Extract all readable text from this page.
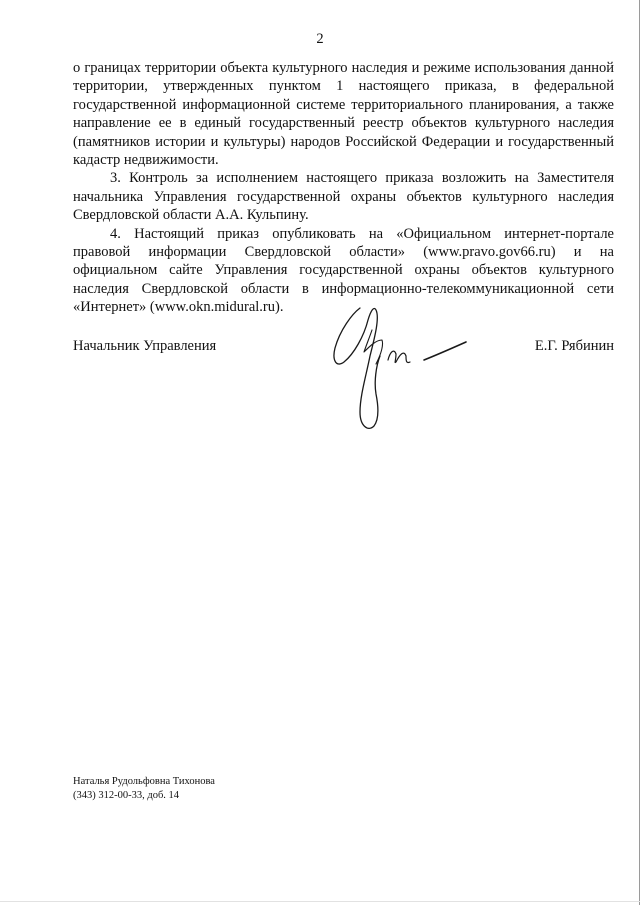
2

о границах территории объекта культурного наследия и режиме использования данной территории, утвержденных пунктом 1 настоящего приказа, в федеральной государственной информационной системе территориального планирования, а также направление ее в единый государственный реестр объектов культурного наследия (памятников истории и культуры) народов Российской Федерации и государственный кадастр недвижимости.

3. Контроль за исполнением настоящего приказа возложить на Заместителя начальника Управления государственной охраны объектов культурного наследия Свердловской области А.А. Кульпину.

4. Настоящий приказ опубликовать на «Официальном интернет-портале правовой информации Свердловской области» (www.pravo.gov66.ru) и на официальном сайте Управления государственной охраны объектов культурного наследия Свердловской области в информационно-телекоммуникационной сети «Интернет» (www.okn.midural.ru).

Начальник Управления	Е.Г. Рябинин
Наталья Рудольфовна Тихонова
(343) 312-00-33, доб. 14
